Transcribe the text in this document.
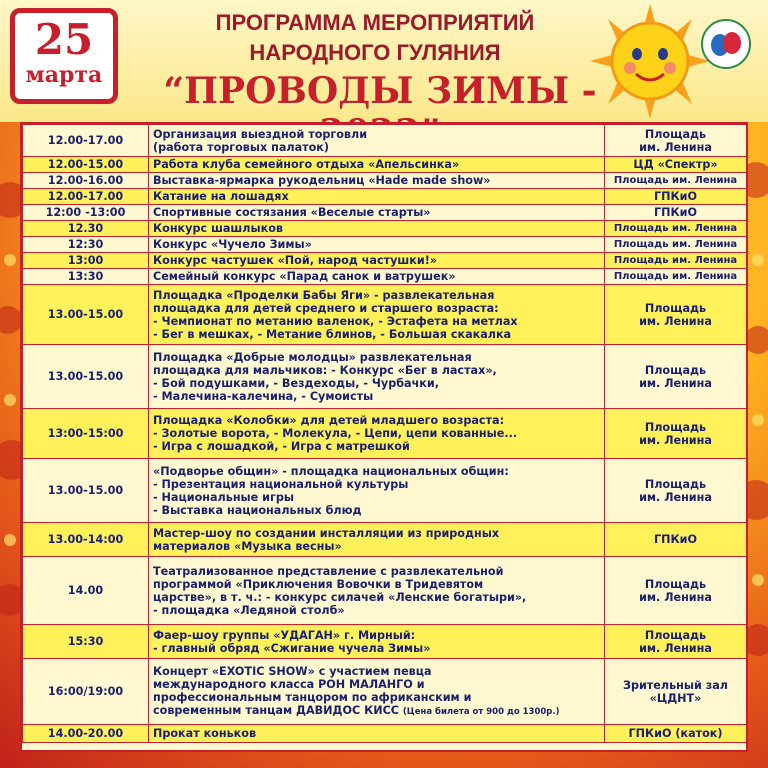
25
марта
ПРОГРАММА МЕРОПРИЯТИЙ
НАРОДНОГО ГУЛЯНИЯ
“ПРОВОДЫ ЗИМЫ -
12.00-17.00	Организация выездной торговли
(работа торговых палаток)	Площадь
им. Ленина

12.00-15.00	Работа клуба семейного отдыха «Апельсинка»	ЦД «Спектр»

12.00-16.00	Выставка-ярмарка рукодельниц «Hade made show»	Площадь им. Ленина

12.00-17.00	Катание на лошадях	ГПКиО

12:00 -13:00	Спортивные состязания «Веселые старты»	ГПКиО

12.30	Конкурс шашлыков	Площадь им. Ленина

12:30	Конкурс «Чучело Зимы»	Площадь им. Ленина

13:00	Конкурс частушек «Пой, народ частушки!»	Площадь им. Ленина

13:30	Семейный конкурс «Парад санок и ватрушек»	Площадь им. Ленина

13.00-15.00	Площадка «Проделки Бабы Яги» - развлекательная
площадка для детей среднего и старшего возраста:
- Чемпионат по метанию валенок, - Эстафета на метлах
- Бег в мешках, - Метание блинов, - Большая скакалка	Площадь
им. Ленина

13.00-15.00	Площадка «Добрые молодцы» развлекательная
площадка для мальчиков: - Конкурс «Бег в ластах»,
- Бой подушками, - Вездеходы, - Чурбачки,
- Малечина-калечина, - Сумоисты	Площадь
им. Ленина

13:00-15:00	Площадка «Колобки» для детей младшего возраста:
- Золотые ворота, - Молекула, - Цепи, цепи кованные...
- Игра с лошадкой, - Игра с матрешкой	Площадь
им. Ленина

13.00-15.00	«Подворье общин» - площадка национальных общин:
- Презентация национальной культуры
- Национальные игры
- Выставка национальных блюд	Площадь
им. Ленина

13.00-14:00	Мастер-шоу по создании инсталляции из природных
материалов «Музыка весны»	ГПКиО

14.00	Театрализованное представление с развлекательной
программой «Приключения Вовочки в Тридевятом
царстве», в т. ч.: - конкурс силачей «Ленские богатыри»,
- площадка «Ледяной столб»	Площадь
им. Ленина

15:30	Фаер-шоу группы «УДАГАН» г. Мирный:
- главный обряд «Сжигание чучела Зимы»	Площадь
им. Ленина

16:00/19:00	Концерт «EXOTIC SHOW» с участием певца
международного класса РОН МАЛАНГО и
профессиональным танцором по африканским и
современным танцам ДАВИДОС КИСС (Цена билета от 900 до 1300р.)	Зрительный зал
«ЦДНТ»

14.00-20.00	Прокат коньков	ГПКиО (каток)
